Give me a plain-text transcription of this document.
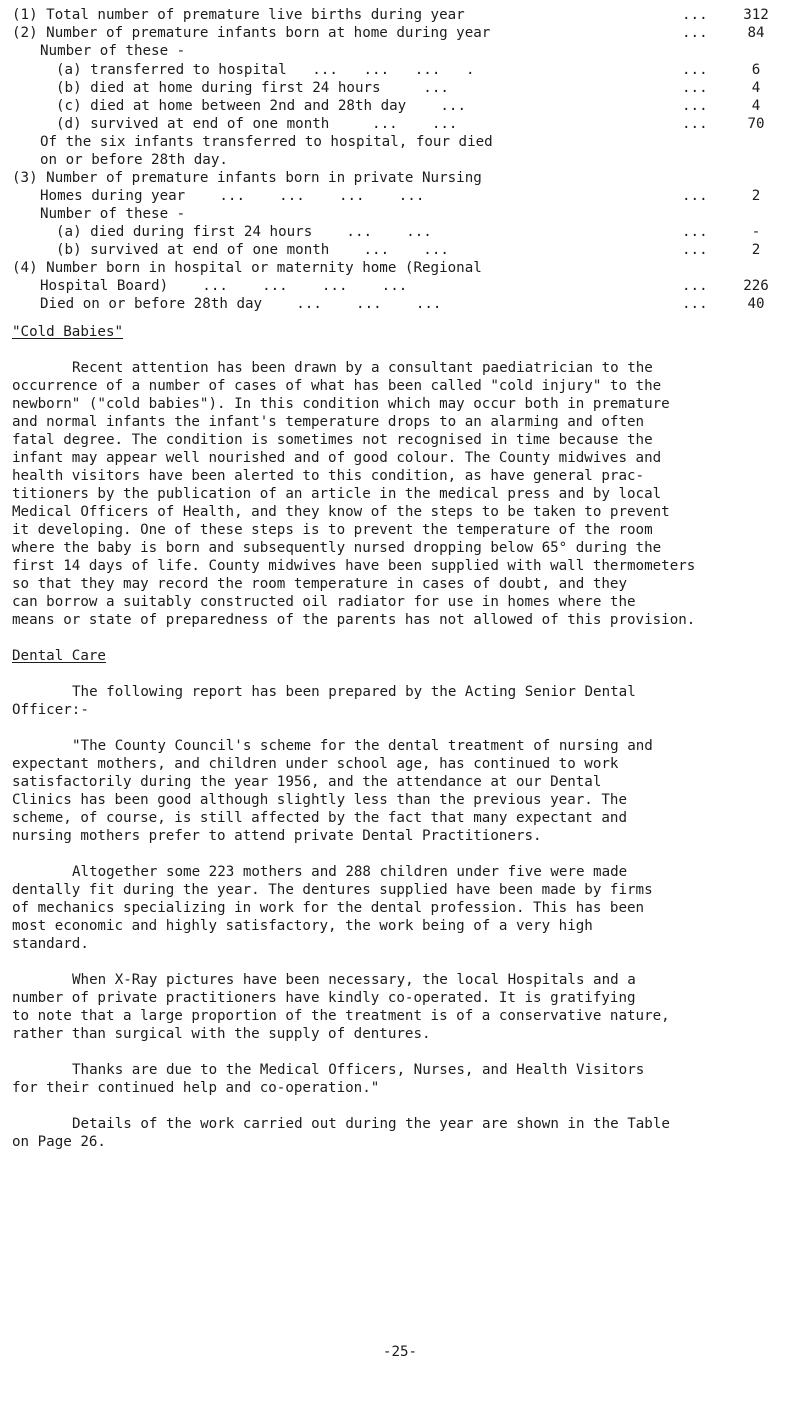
(1) Total number of premature live births during year	...	312
(2) Number of premature infants born at home during year	...	84
Number of these -
(a) transferred to hospital   ...   ...   ...   .	...	6
(b) died at home during first 24 hours     ...	...	4
(c) died at home between 2nd and 28th day    ...	...	4
(d) survived at end of one month     ...    ...	...	70
Of the six infants transferred to hospital, four died
on or before 28th day.
(3) Number of premature infants born in private Nursing
Homes during year    ...    ...    ...    ...	...	2
Number of these -
(a) died during first 24 hours    ...    ...	...	-
(b) survived at end of one month    ...    ...	...	2
(4) Number born in hospital or maternity home (Regional
Hospital Board)    ...    ...    ...    ...	...	226
Died on or before 28th day    ...    ...    ...	...	40
"Cold Babies"
Recent attention has been drawn by a consultant paediatrician to the
occurrence of a number of cases of what has been called "cold injury" to the
newborn" ("cold babies"). In this condition which may occur both in premature
and normal infants the infant's temperature drops to an alarming and often
fatal degree. The condition is sometimes not recognised in time because the
infant may appear well nourished and of good colour. The County midwives and
health visitors have been alerted to this condition, as have general prac-
titioners by the publication of an article in the medical press and by local
Medical Officers of Health, and they know of the steps to be taken to prevent
it developing. One of these steps is to prevent the temperature of the room
where the baby is born and subsequently nursed dropping below 65° during the
first 14 days of life. County midwives have been supplied with wall thermometers
so that they may record the room temperature in cases of doubt, and they
can borrow a suitably constructed oil radiator for use in homes where the
means or state of preparedness of the parents has not allowed of this provision.
Dental Care
The following report has been prepared by the Acting Senior Dental
Officer:-
"The County Council's scheme for the dental treatment of nursing and
expectant mothers, and children under school age, has continued to work
satisfactorily during the year 1956, and the attendance at our Dental
Clinics has been good although slightly less than the previous year. The
scheme, of course, is still affected by the fact that many expectant and
nursing mothers prefer to attend private Dental Practitioners.
Altogether some 223 mothers and 288 children under five were made
dentally fit during the year. The dentures supplied have been made by firms
of mechanics specializing in work for the dental profession. This has been
most economic and highly satisfactory, the work being of a very high
standard.
When X-Ray pictures have been necessary, the local Hospitals and a
number of private practitioners have kindly co-operated. It is gratifying
to note that a large proportion of the treatment is of a conservative nature,
rather than surgical with the supply of dentures.
Thanks are due to the Medical Officers, Nurses, and Health Visitors
for their continued help and co-operation."
Details of the work carried out during the year are shown in the Table
on Page 26.
-25-
